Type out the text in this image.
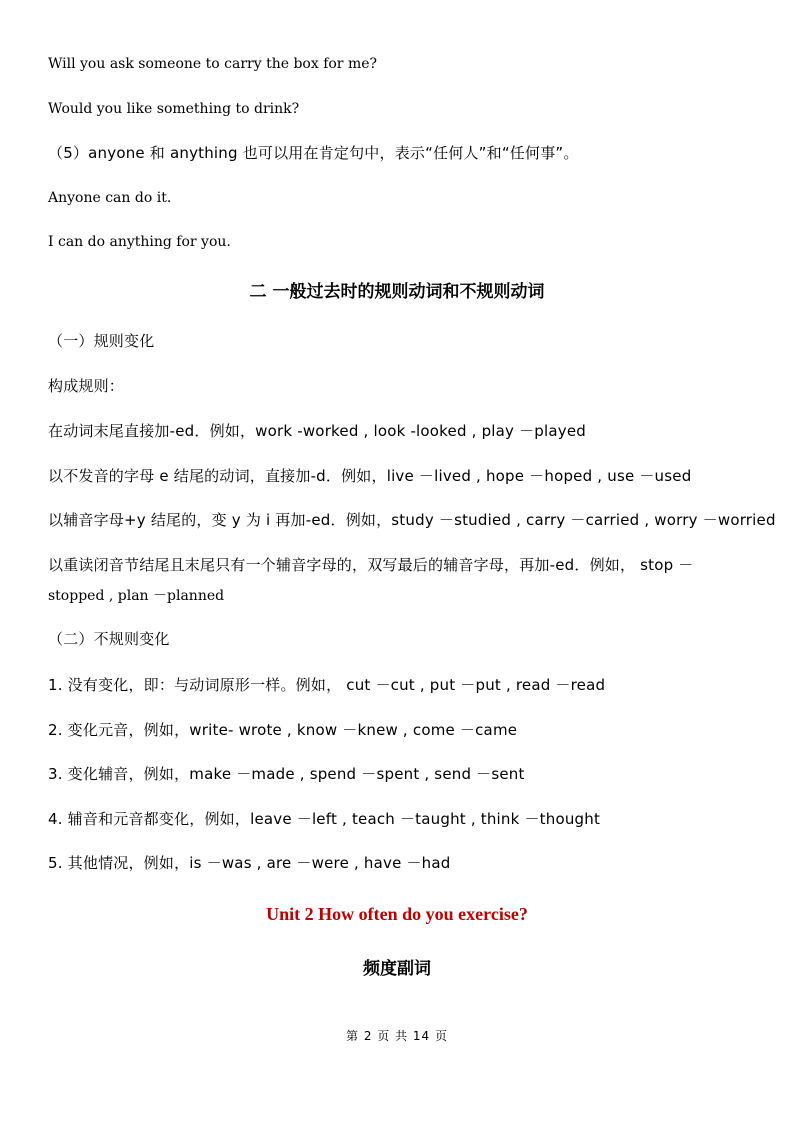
Will you ask someone to carry the box for me?
Would you like something to drink?
（5）anyone 和 anything 也可以用在肯定句中，表示“任何人”和“任何事”。
Anyone can do it.
I can do anything for you.
二 一般过去时的规则动词和不规则动词
（一）规则变化
构成规则：
在动词末尾直接加-ed．例如，work -worked , look -looked , play －played
以不发音的字母 e 结尾的动词，直接加-d．例如，live －lived , hope －hoped , use －used
以辅音字母+y 结尾的，变 y 为 i 再加-ed．例如，study －studied , carry －carried , worry －worried
以重读闭音节结尾且末尾只有一个辅音字母的，双写最后的辅音字母，再加-ed．例如， stop －
stopped , plan －planned
（二）不规则变化
1. 没有变化，即：与动词原形一样。例如， cut －cut , put －put , read －read
2. 变化元音，例如，write- wrote , know －knew , come －came
3. 变化辅音，例如，make －made , spend －spent , send －sent
4. 辅音和元音都变化，例如，leave －left , teach －taught , think －thought
5. 其他情况，例如，is －was , are －were , have －had
Unit 2 How often do you exercise?
频度副词
第 2 页 共 14 页
